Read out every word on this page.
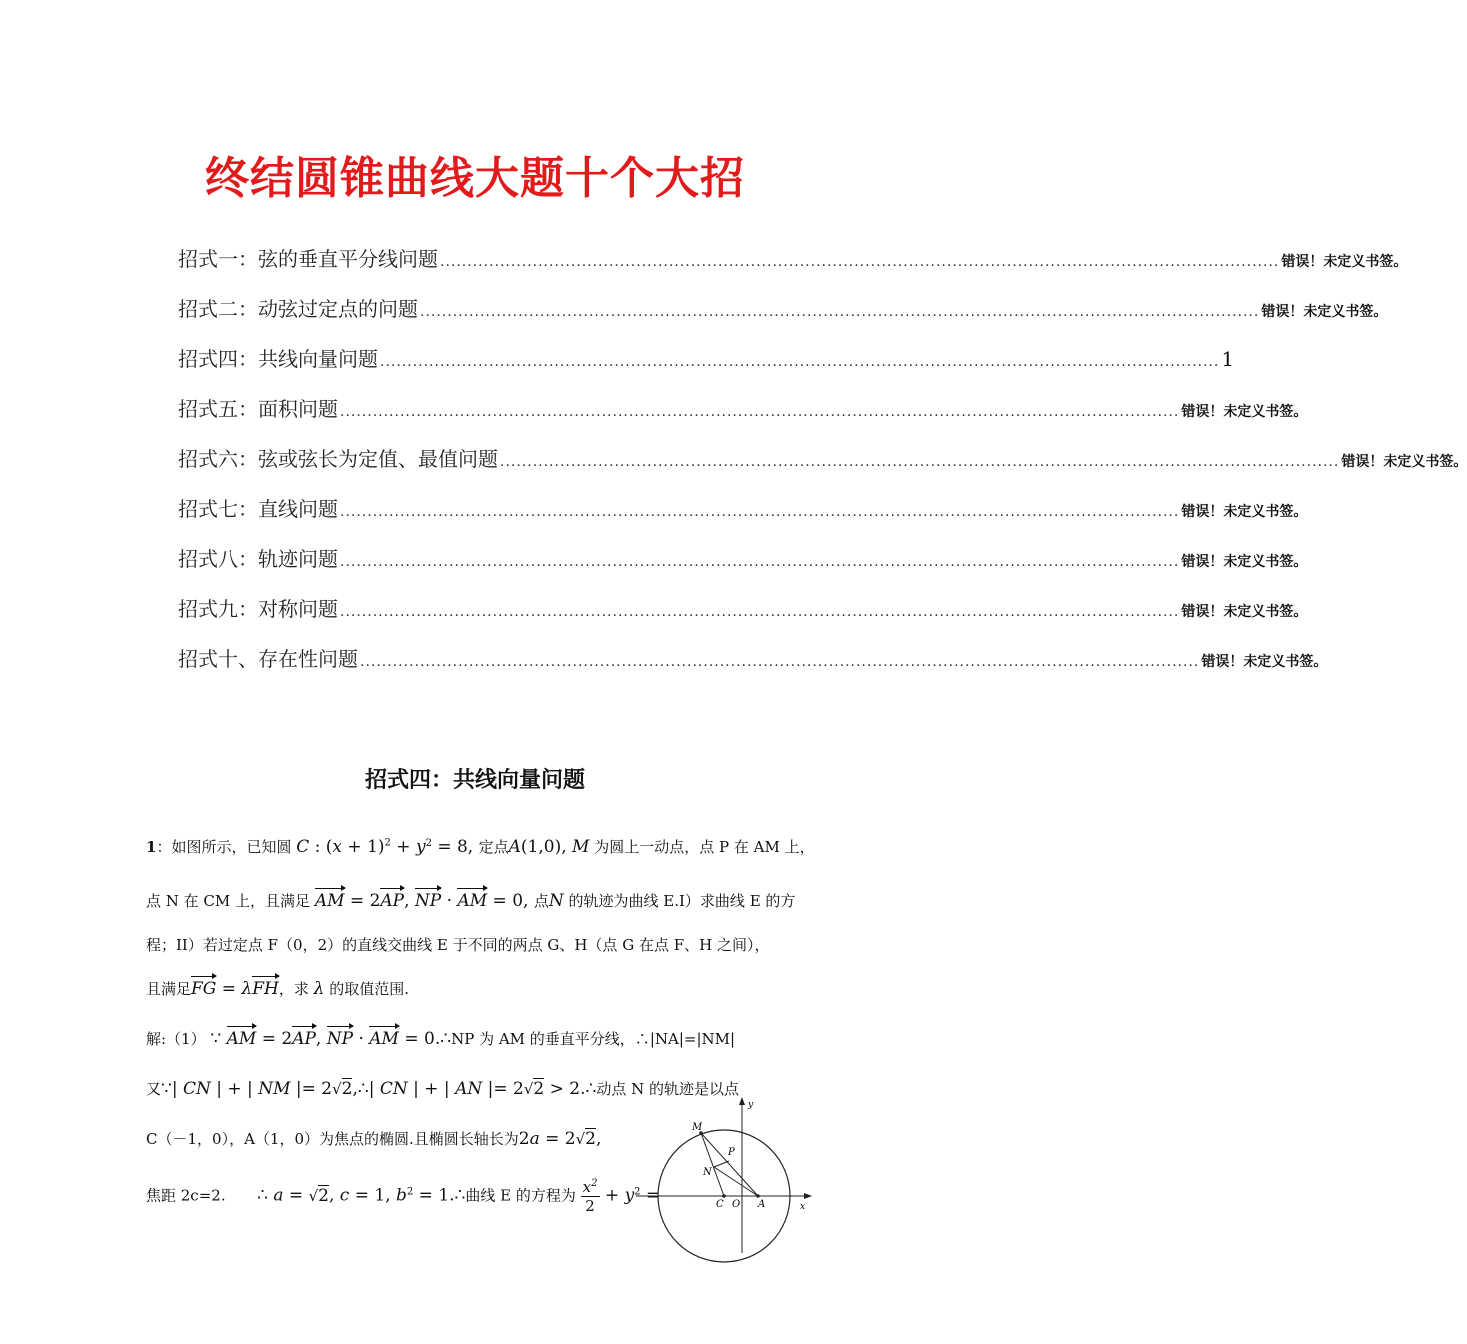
终结圆锥曲线大题十个大招
招式一：弦的垂直平分线问题 .......................................................................................................................................................... 错误！未定义书签。
招式二：动弦过定点的问题 .......................................................................................................................................................... 错误！未定义书签。
招式四：共线向量问题 .......................................................................................................................................................... 1
招式五：面积问题 .......................................................................................................................................................... 错误！未定义书签。
招式六：弦或弦长为定值、最值问题 .......................................................................................................................................................... 错误！未定义书签。
招式七：直线问题 .......................................................................................................................................................... 错误！未定义书签。
招式八：轨迹问题 .......................................................................................................................................................... 错误！未定义书签。
招式九：对称问题 .......................................................................................................................................................... 错误！未定义书签。
招式十、存在性问题 .......................................................................................................................................................... 错误！未定义书签。
招式四：共线向量问题
1：如图所示，已知圆 C : $(x + 1)^2 + y^2 = 8$, 定点A(1,0), M 为圆上一动点，点 P 在 AM 上，
点 N 在 CM 上，且满足 AM = 2AP, NP · AM = 0, 点N 的轨迹为曲线 E.I）求曲线 E 的方
程；II）若过定点 F（0，2）的直线交曲线 E 于不同的两点 G、H（点 G 在点 F、H 之间），
且满足FG = λFH，求 λ 的取值范围.
解:（1） ∵ AM = 2AP, NP · AM = 0.∴NP 为 AM 的垂直平分线，∴|NA|=|NM|
又∵| CN | + | NM |= 2√2,∴| CN | + | AN |= 2√2 > 2.∴动点 N 的轨迹是以点
C（－1，0），A（1，0）为焦点的椭圆.且椭圆长轴长为2a = 2√2,
焦距 2c=2. ∴ a = √2, c = 1, $b^2$ = 1.∴曲线 E 的方程为 $\frac{x^2}{2} + y^2$ =
M
P
N
C O A	x
y
